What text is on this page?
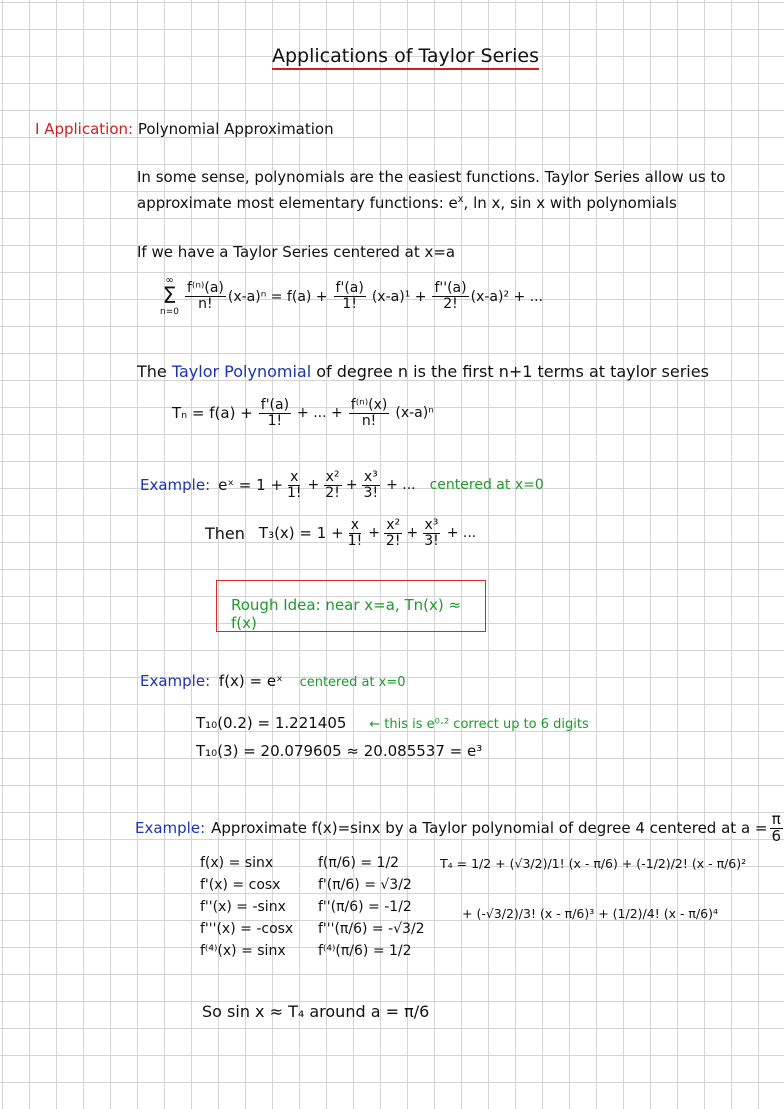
Applications of Taylor Series
I Application: Polynomial Approximation
In some sense, polynomials are the easiest functions. Taylor Series allow us to
approximate most elementary functions: $e^x$, ln x, sin x with polynomials
If we have a Taylor Series centered at x=a
∞
Σ
n=0
$\frac{\text{f⁽ⁿ⁾(a)}}{n!} (x-a)^n = f(a) + \frac{f'(a)}{1!} (x-a)^1 + \frac{f''(a)}{2!} (x-a)^2$ + ...
The Taylor Polynomial of degree n is the first n+1 terms at taylor series
$T_n = f(a) + \frac{f'(a)}{1!}$ + ... + $\frac{\text{f⁽ⁿ⁾(x)}}{n!} (x-a)^n$
Example: eˣ = $1 + \frac{x}{1!} + \frac{\text{x²}}{2!} + \frac{\text{x³}}{3!}$ + ... centered at x=0
Then $T_3(x) = 1 + \frac{x}{1!} + \frac{\text{x²}}{2!} + \frac{\text{x³}}{3!}$ + ...
Rough Idea: near x=a, Tn(x) ≈ f(x)
Example: f(x) = eˣ centered at x=0
T₁₀(0.2) = 1.221405 ← this is e⁰·² correct up to 6 digits
T₁₀(3) = 20.079605 ≈ 20.085537 = e³
Example: Approximate f(x)=sinx by a Taylor polynomial of degree 4 centered at $a = \frac{\pi}{6}$
f(x) = sinx
f'(x) = cosx
f''(x) = -sinx
f'''(x) = -cosx
f⁽⁴⁾(x) = sinx
f(π/6) = 1/2
f'(π/6) = √3/2
f''(π/6) = -1/2
f'''(π/6) = -√3/2
f⁽⁴⁾(π/6) = 1/2
T₄ = 1/2 + (√3/2)/1! (x - π/6) + (-1/2)/2! (x - π/6)²
+ (-√3/2)/3! (x - π/6)³ + (1/2)/4! (x - π/6)⁴
So sin x ≈ T₄ around a = π/6
